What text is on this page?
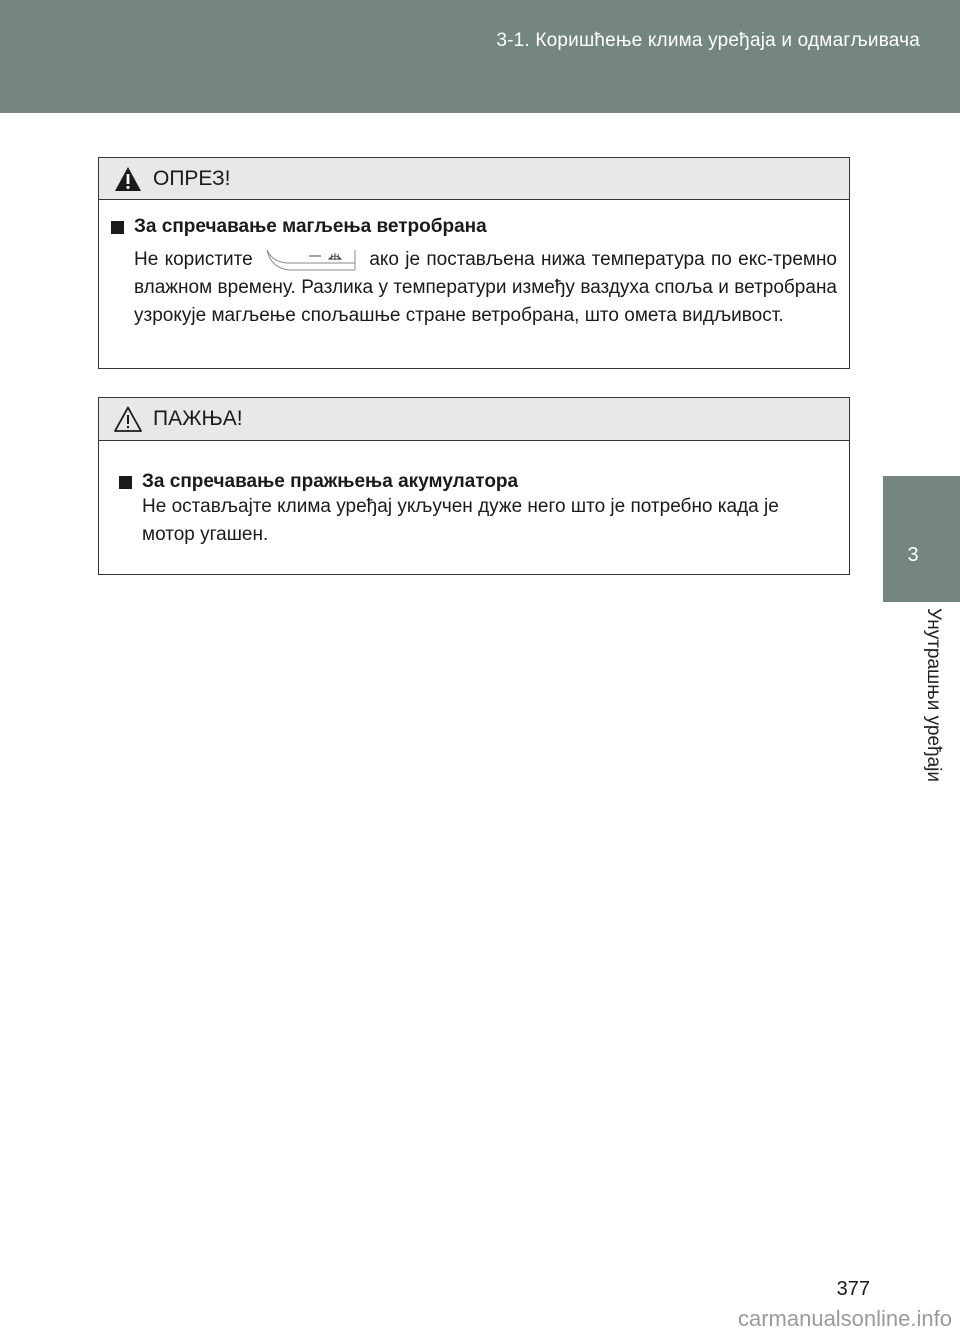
3-1. Коришћење клима уређаја и одмагљивача
3
Унутрашњи уређаји
ОПРЕЗ!
За спречавање магљења ветробрана
Не користите	ако је постављена нижа температура по екс-тремно влажном времену. Разлика у температури између ваздуха споља и ветробрана узрокује магљење спољашње стране ветробрана, што омета видљивост.
ПАЖЊА!
За спречавање пражњења акумулатора
Не остављајте клима уређај укључен дуже него што је потребно када је мотор угашен.
377
carmanualsonline.info
